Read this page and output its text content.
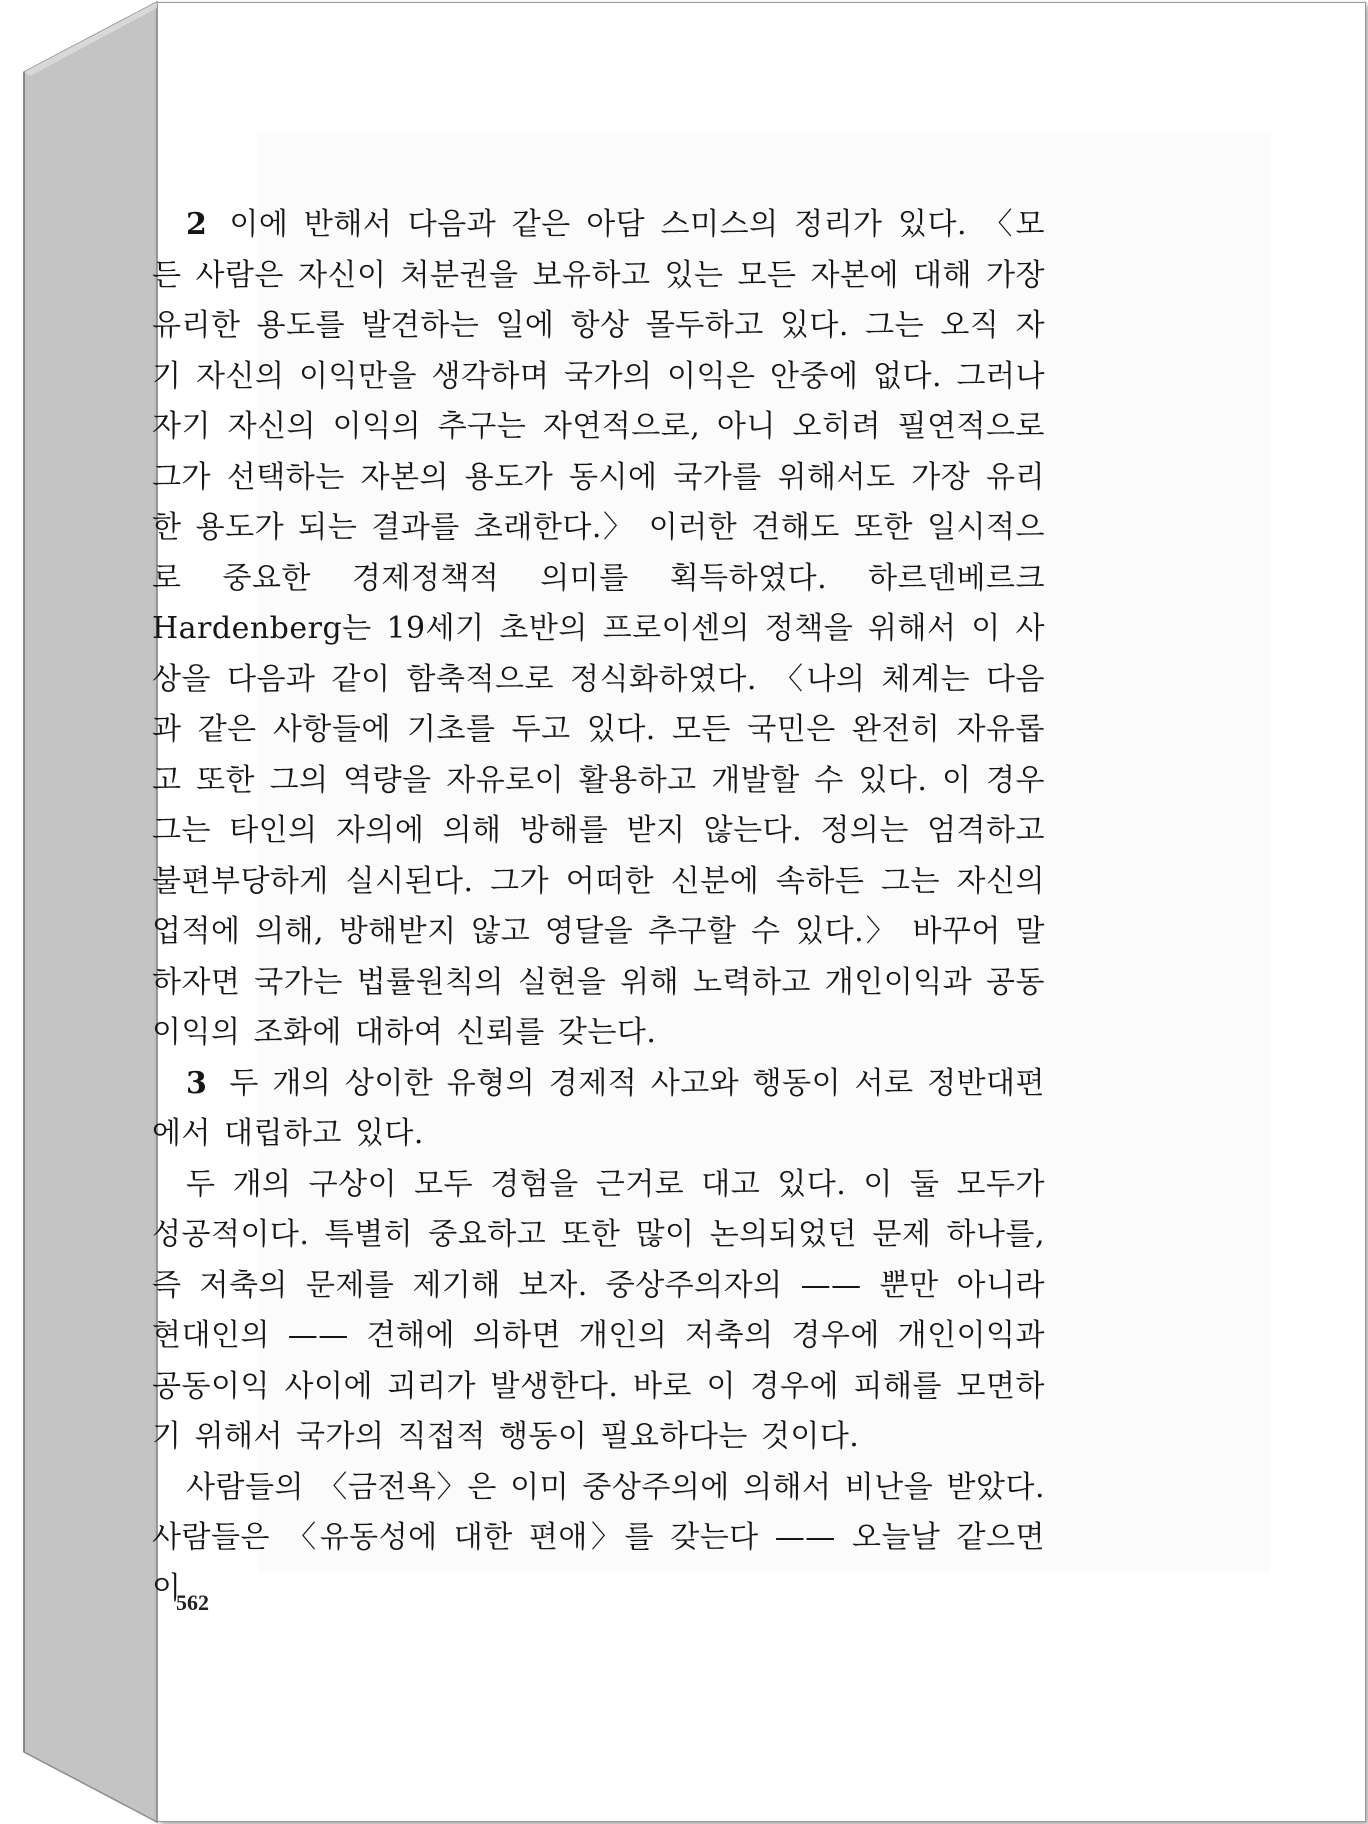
2 이에 반해서 다음과 같은 아담 스미스의 정리가 있다. 〈모든 사람은 자신이 처분권을 보유하고 있는 모든 자본에 대해 가장 유리한 용도를 발견하는 일에 항상 몰두하고 있다. 그는 오직 자기 자신의 이익만을 생각하며 국가의 이익은 안중에 없다. 그러나 자기 자신의 이익의 추구는 자연적으로, 아니 오히려 필연적으로 그가 선택하는 자본의 용도가 동시에 국가를 위해서도 가장 유리한 용도가 되는 결과를 초래한다.〉 이러한 견해도 또한 일시적으로 중요한 경제정책적 의미를 획득하였다. 하르덴베르크 Hardenberg는 19세기 초반의 프로이센의 정책을 위해서 이 사상을 다음과 같이 함축적으로 정식화하였다. 〈나의 체계는 다음과 같은 사항들에 기초를 두고 있다. 모든 국민은 완전히 자유롭고 또한 그의 역량을 자유로이 활용하고 개발할 수 있다. 이 경우 그는 타인의 자의에 의해 방해를 받지 않는다. 정의는 엄격하고 불편부당하게 실시된다. 그가 어떠한 신분에 속하든 그는 자신의 업적에 의해, 방해받지 않고 영달을 추구할 수 있다.〉 바꾸어 말하자면 국가는 법률원칙의 실현을 위해 노력하고 개인이익과 공동이익의 조화에 대하여 신뢰를 갖는다.

3 두 개의 상이한 유형의 경제적 사고와 행동이 서로 정반대편에서 대립하고 있다.

두 개의 구상이 모두 경험을 근거로 대고 있다. 이 둘 모두가 성공적이다. 특별히 중요하고 또한 많이 논의되었던 문제 하나를, 즉 저축의 문제를 제기해 보자. 중상주의자의 —— 뿐만 아니라 현대인의 —— 견해에 의하면 개인의 저축의 경우에 개인이익과 공동이익 사이에 괴리가 발생한다. 바로 이 경우에 피해를 모면하기 위해서 국가의 직접적 행동이 필요하다는 것이다.

사람들의 〈금전욕〉은 이미 중상주의에 의해서 비난을 받았다. 사람들은 〈유동성에 대한 편애〉를 갖는다 —— 오늘날 같으면 이

562
